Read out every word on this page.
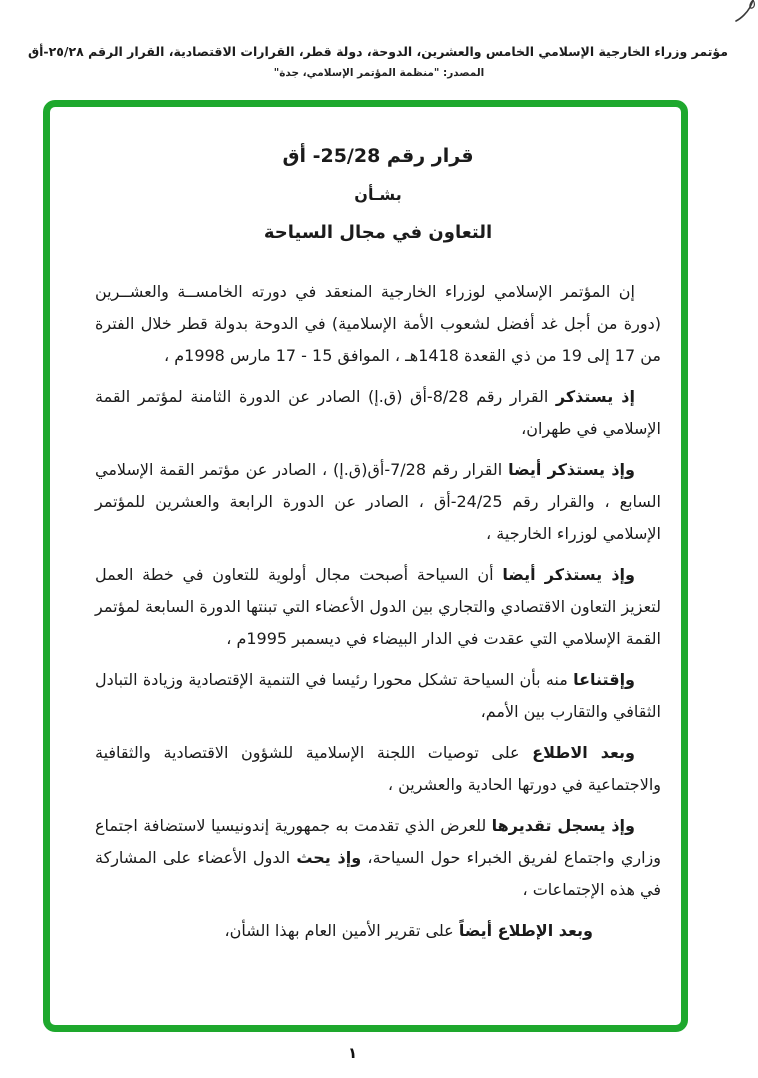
مؤتمر وزراء الخارجية الإسلامي الخامس والعشرين، الدوحة، دولة قطر، القرارات الاقتصادية، القرار الرقم ٢٥/٢٨-أق
المصدر: "منظمة المؤتمر الإسلامي، جدة"
قرار رقم 25/28- أق
بشـأن
التعاون في مجال السياحة

إن المؤتمر الإسلامي لوزراء الخارجية المنعقد في دورته الخامســة والعشــرين (دورة من أجل غد أفضل لشعوب الأمة الإسلامية) في الدوحة بدولة قطر خلال الفترة من 17 إلى 19 من ذي القعدة 1418هـ ، الموافق 15 - 17 مارس 1998م ،

إذ يستذكر القرار رقم 8/28-أق (ق.إ) الصادر عن الدورة الثامنة لمؤتمر القمة الإسلامي في طهران،

وإذ يستذكر أيضا القرار رقم 7/28-أق(ق.إ) ، الصادر عن مؤتمر القمة الإسلامي السابع ، والقرار رقم 24/25-أق ، الصادر عن الدورة الرابعة والعشرين للمؤتمر الإسلامي لوزراء الخارجية ،

وإذ يستذكر أيضا أن السياحة أصبحت مجال أولوية للتعاون في خطة العمل لتعزيز التعاون الاقتصادي والتجاري بين الدول الأعضاء التي تبنتها الدورة السابعة لمؤتمر القمة الإسلامي التي عقدت في الدار البيضاء في ديسمبر 1995م ،

وإقتناعا منه بأن السياحة تشكل محورا رئيسا في التنمية الإقتصادية وزيادة التبادل الثقافي والتقارب بين الأمم،

وبعد الاطلاع على توصيات اللجنة الإسلامية للشؤون الاقتصادية والثقافية والاجتماعية في دورتها الحادية والعشرين ،

وإذ يسجل تقديرها للعرض الذي تقدمت به جمهورية إندونيسيا لاستضافة اجتماع وزاري واجتماع لفريق الخبراء حول السياحة، وإذ يحث الدول الأعضاء على المشاركة في هذه الإجتماعات ،

وبعد الإطلاع أيضاً على تقرير الأمين العام بهذا الشأن،

١
